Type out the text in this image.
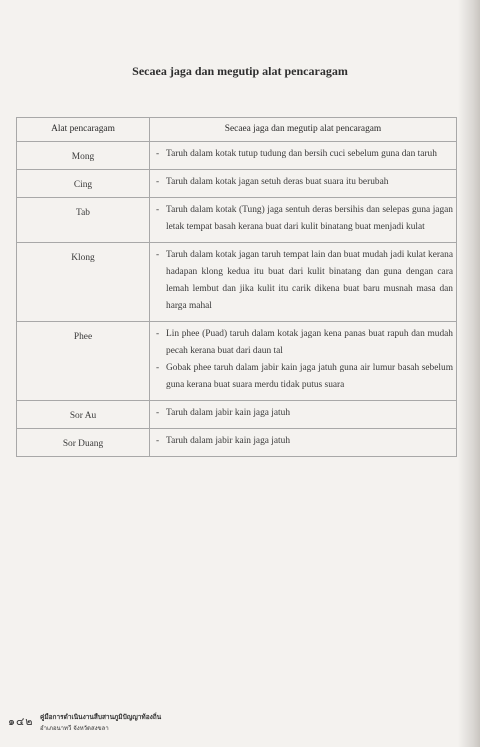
Secaea jaga dan megutip alat pencaragam
Alat pencaragam	Secaea jaga dan megutip alat pencaragam
Mong	- Taruh dalam kotak tutup tudung dan bersih cuci sebelum guna dan taruh

Cing	- Taruh dalam kotak jagan setuh deras buat suara itu berubah

Tab	- Taruh dalam kotak (Tung) jaga sentuh deras bersihis dan selepas guna jagan letak tempat basah kerana buat dari kulit binatang buat menjadi kulat

Klong	- Taruh dalam kotak jagan taruh tempat lain dan buat mudah jadi kulat kerana hadapan klong kedua itu buat dari kulit binatang dan guna dengan cara lemah lembut dan jika kulit itu carik dikena buat baru musnah masa dan harga mahal

Phee	- Lin phee (Puad) taruh dalam kotak jagan kena panas buat rapuh dan mudah pecah kerana buat dari daun tal
- Gobak phee taruh dalam jabir kain jaga jatuh guna air lumur basah sebelum guna kerana buat suara merdu tidak putus suara

Sor Au	- Taruh dalam jabir kain jaga jatuh

Sor Duang	- Taruh dalam jabir kain jaga jatuh
๑๔๒ คู่มือการดำเนินงานสืบสานภูมิปัญญาท้องถิ่น
อำเภอนาทวี จังหวัดสงขลา
